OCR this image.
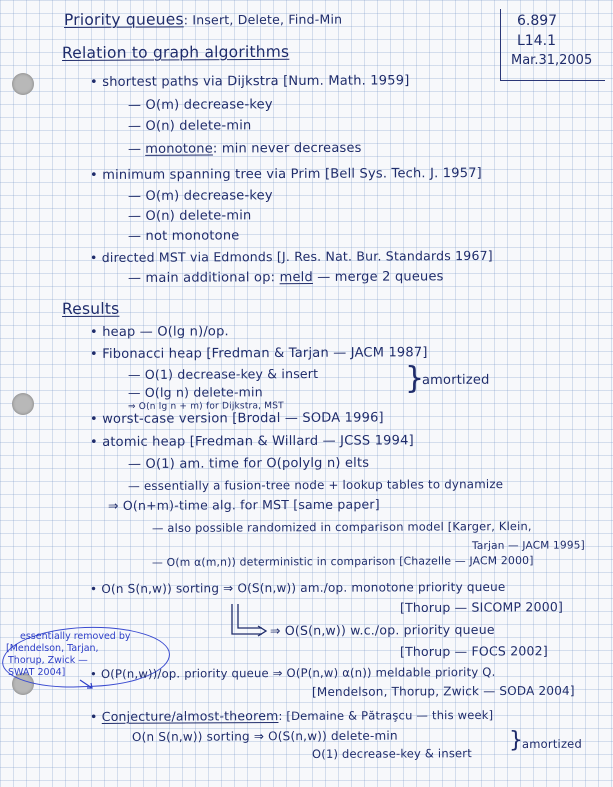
6.897
L14.1
Mar.31,2005
Priority queues: Insert, Delete, Find-Min
Relation to graph algorithms
• shortest paths via Dijkstra [Num. Math. 1959]
— O(m) decrease-key
— O(n) delete-min
— monotone: min never decreases
• minimum spanning tree via Prim [Bell Sys. Tech. J. 1957]
— O(m) decrease-key
— O(n) delete-min
— not monotone
• directed MST via Edmonds [J. Res. Nat. Bur. Standards 1967]
— main additional op: meld — merge 2 queues
Results
• heap — O(lg n)/op.
• Fibonacci heap [Fredman & Tarjan — JACM 1987]
— O(1) decrease-key & insert
— O(lg n) delete-min
⇒ O(n lg n + m) for Dijkstra, MST
}
amortized
• worst-case version [Brodal — SODA 1996]
• atomic heap [Fredman & Willard — JCSS 1994]
— O(1) am. time for O(polylg n) elts
— essentially a fusion-tree node + lookup tables to dynamize
⇒ O(n+m)-time alg. for MST [same paper]
— also possible randomized in comparison model [Karger, Klein,
Tarjan — JACM 1995]
— O(m α(m,n)) deterministic in comparison [Chazelle — JACM 2000]
• O(n S(n,w)) sorting ⇒ O(S(n,w)) am./op. monotone priority queue
[Thorup — SICOMP 2000]
⇒ O(S(n,w)) w.c./op. priority queue
[Thorup — FOCS 2002]
essentially removed by
[Mendelson, Tarjan,
Thorup, Zwick —
SWAT 2004] • O(P(n,w))/op. priority queue ⇒ O(P(n,w) α(n)) meldable priority Q.
[Mendelson, Thorup, Zwick — SODA 2004]
• Conjecture/almost-theorem: [Demaine & Pătraşcu — this week]
O(n S(n,w)) sorting ⇒ O(S(n,w)) delete-min
O(1) decrease-key & insert
}
amortized
